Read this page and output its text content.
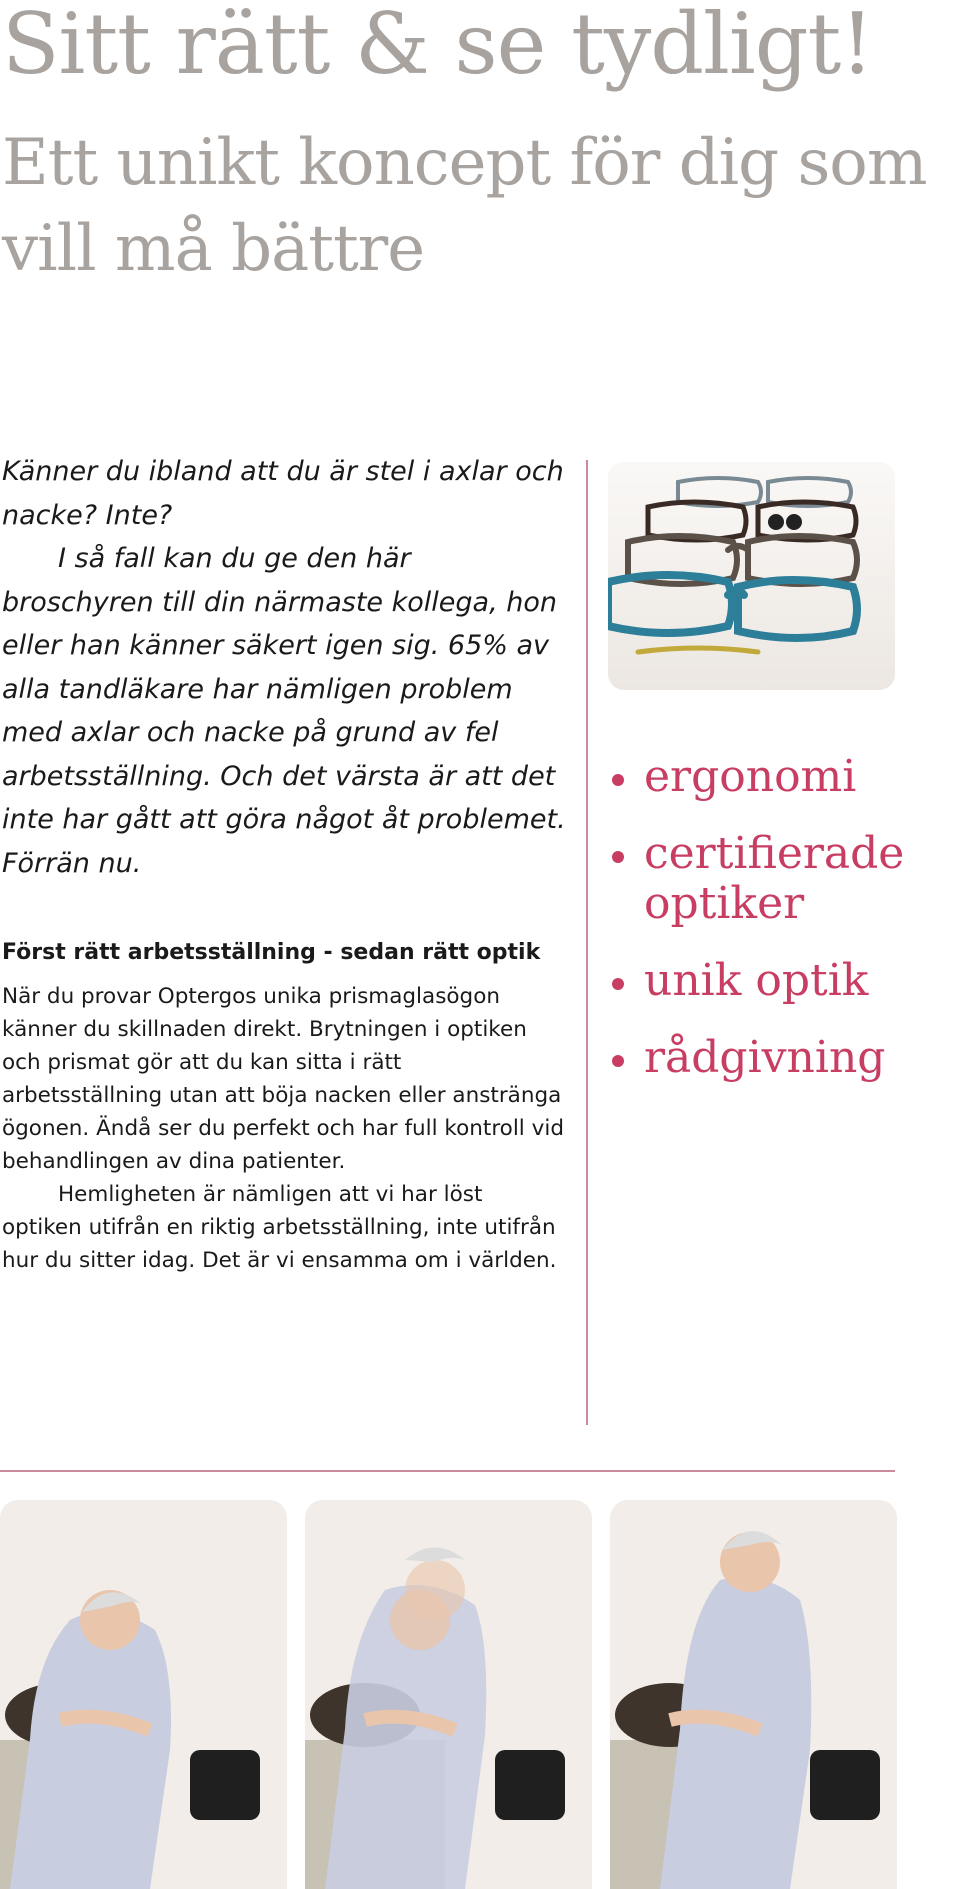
Sitt rätt & se tydligt!
Ett unikt koncept för dig som vill må bättre

Känner du ibland att du är stel i axlar och nacke? Inte?

I så fall kan du ge den här broschyren till din närmaste kollega, hon eller han känner säkert igen sig. 65% av alla tandläkare har nämligen problem med axlar och nacke på grund av fel arbetsställning. Och det värsta är att det inte har gått att göra något åt problemet. Förrän nu.

Först rätt arbetsställning - sedan rätt optik

När du provar Optergos unika prismaglasögon känner du skillnaden direkt. Brytningen i optiken och prismat gör att du kan sitta i rätt arbetsställning utan att böja nacken eller anstränga ögonen. Ändå ser du perfekt och har full kontroll vid behandlingen av dina patienter.

Hemligheten är nämligen att vi har löst optiken utifrån en riktig arbetsställning, inte utifrån hur du sitter idag. Det är vi ensamma om i världen.

ergonomi
certifierade optiker
unik optik
rådgivning
